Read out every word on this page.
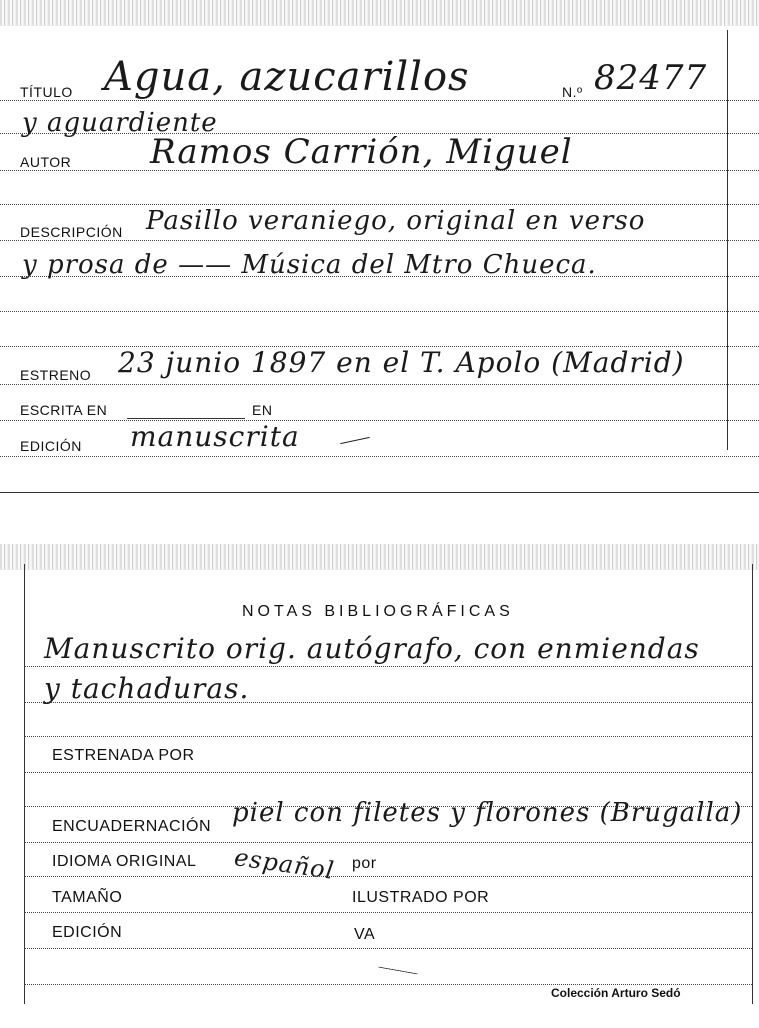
TÍTULO Agua, azucarillos	N.º 82477
y aguardiente
AUTOR Ramos Carrión, Miguel
DESCRIPCIÓN Pasillo veraniego, original en verso
y prosa de —— Música del Mtro Chueca.
ESTRENO 23 junio 1897 en el T. Apolo (Madrid)
ESCRITA EN	EN
EDICIÓN manuscrita
NOTAS BIBLIOGRÁFICAS
Manuscrito orig. autógrafo, con enmiendas
y tachaduras.
ESTRENADA POR
ENCUADERNACIÓN piel con filetes y florones (Brugalla)
IDIOMA ORIGINAL español por
TAMAÑO	ILUSTRADO POR
EDICIÓN	VA
Colección Arturo Sedó
